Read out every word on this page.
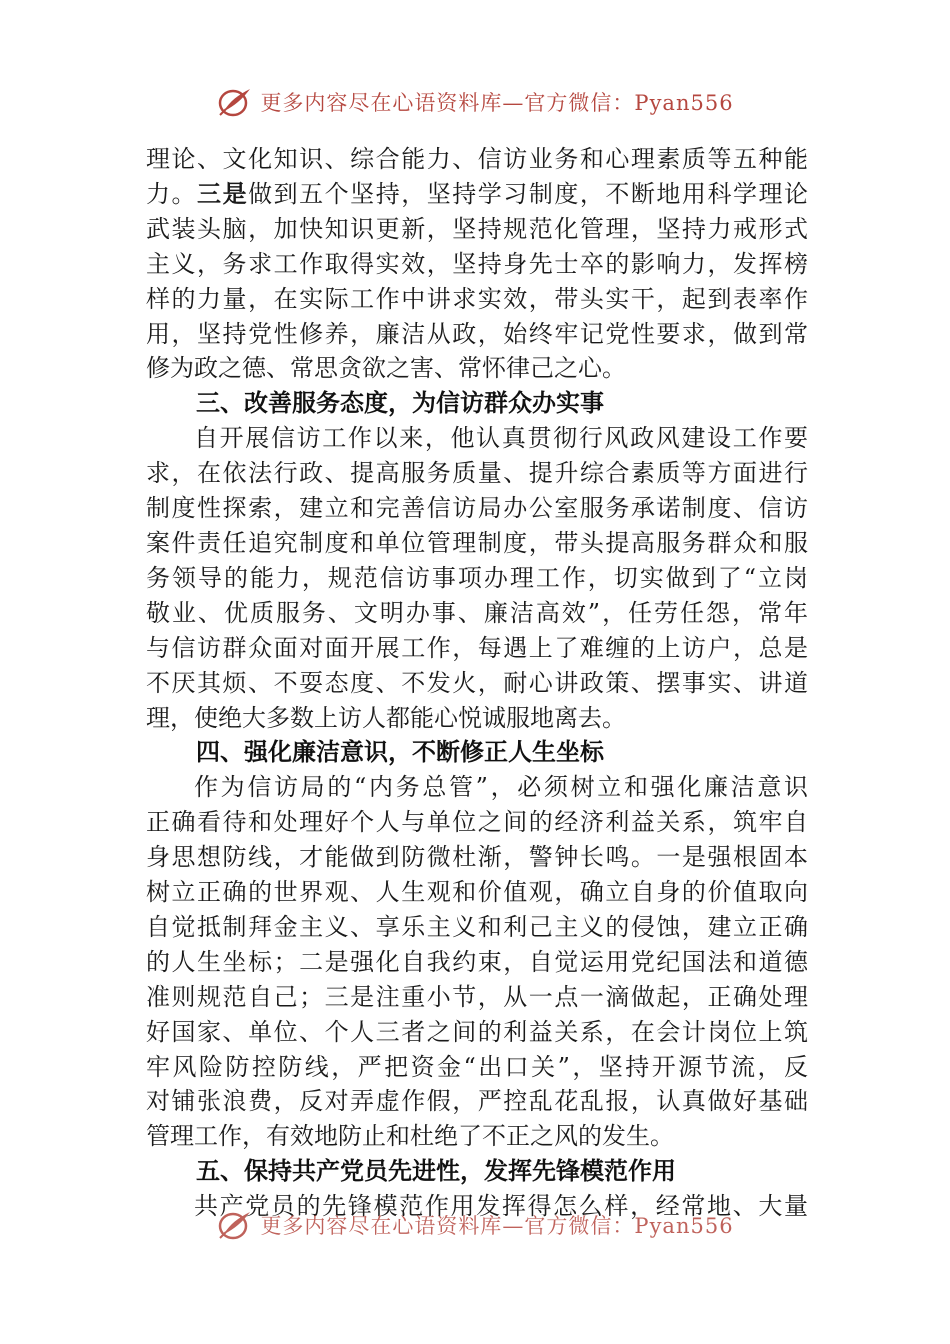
更多内容尽在心语资料库—官方微信：Pyan556

理论、文化知识、综合能力、信访业务和心理素质等五种能

力。三是做到五个坚持，坚持学习制度，不断地用科学理论

武装头脑，加快知识更新，坚持规范化管理，坚持力戒形式

主义，务求工作取得实效，坚持身先士卒的影响力，发挥榜

样的力量，在实际工作中讲求实效，带头实干，起到表率作

用，坚持党性修养，廉洁从政，始终牢记党性要求，做到常

修为政之德、常思贪欲之害、常怀律己之心。

三、改善服务态度，为信访群众办实事

自开展信访工作以来，他认真贯彻行风政风建设工作要

求，在依法行政、提高服务质量、提升综合素质等方面进行

制度性探索，建立和完善信访局办公室服务承诺制度、信访

案件责任追究制度和单位管理制度，带头提高服务群众和服

务领导的能力，规范信访事项办理工作，切实做到了“立岗

敬业、优质服务、文明办事、廉洁高效”，任劳任怨，常年

与信访群众面对面开展工作，每遇上了难缠的上访户，总是

不厌其烦、不耍态度、不发火，耐心讲政策、摆事实、讲道

理，使绝大多数上访人都能心悦诚服地离去。

四、强化廉洁意识，不断修正人生坐标

作为信访局的“内务总管”，必须树立和强化廉洁意识

正确看待和处理好个人与单位之间的经济利益关系，筑牢自

身思想防线，才能做到防微杜渐，警钟长鸣。一是强根固本

树立正确的世界观、人生观和价值观，确立自身的价值取向

自觉抵制拜金主义、享乐主义和利己主义的侵蚀，建立正确

的人生坐标；二是强化自我约束，自觉运用党纪国法和道德

准则规范自己；三是注重小节，从一点一滴做起，正确处理

好国家、单位、个人三者之间的利益关系，在会计岗位上筑

牢风险防控防线，严把资金“出口关”，坚持开源节流，反

对铺张浪费，反对弄虚作假，严控乱花乱报，认真做好基础

管理工作，有效地防止和杜绝了不正之风的发生。

五、保持共产党员先进性，发挥先锋模范作用

共产党员的先锋模范作用发挥得怎么样，经常地、大量

更多内容尽在心语资料库—官方微信：Pyan556
